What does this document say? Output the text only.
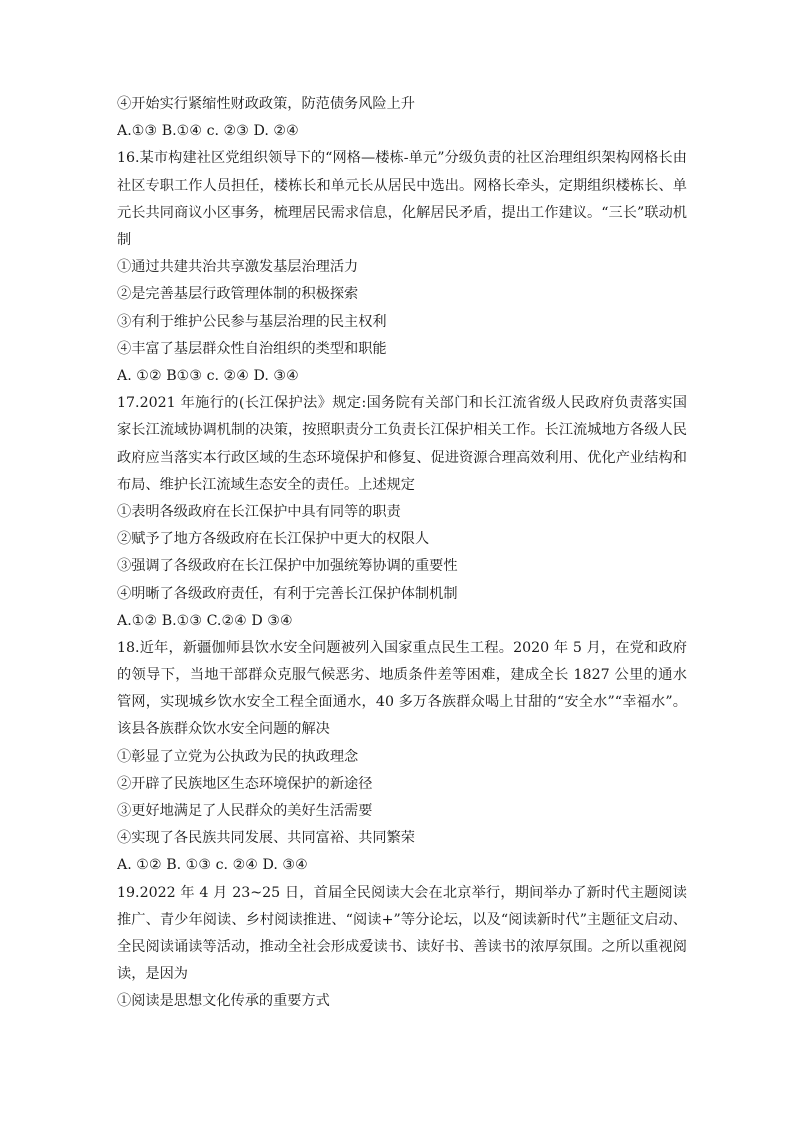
④开始实行紧缩性财政政策，防范债务风险上升
A.①③ B.①④ c. ②③ D. ②④
16.某市构建社区党组织领导下的“网格—楼栋-单元”分级负责的社区治理组织架构网格长由社区专职工作人员担任，楼栋长和单元长从居民中选出。网格长牵头，定期组织楼栋长、单元长共同商议小区事务，梳理居民需求信息，化解居民矛盾，提出工作建议。“三长”联动机制
①通过共建共治共享激发基层治理活力
②是完善基层行政管理体制的积极探索
③有利于维护公民参与基层治理的民主权利
④丰富了基层群众性自治组织的类型和职能
A. ①② B①③ c. ②④ D. ③④
17.2021 年施行的(长江保护法》规定:国务院有关部门和长江流省级人民政府负责落实国家长江流域协调机制的决策，按照职责分工负责长江保护相关工作。长江流城地方各级人民政府应当落实本行政区域的生态环境保护和修复、促进资源合理高效利用、优化产业结构和布局、维护长江流域生态安全的责任。上述规定
①表明各级政府在长江保护中具有同等的职责
②赋予了地方各级政府在长江保护中更大的权限人
③强调了各级政府在长江保护中加强统筹协调的重要性
④明晰了各级政府责任，有利于完善长江保护体制机制
A.①② B.①③ C.②④ D ③④
18.近年，新疆伽师县饮水安全问题被列入国家重点民生工程。2020 年 5 月，在党和政府的领导下，当地干部群众克服气候恶劣、地质条件差等困难，建成全长 1827 公里的通水管网，实现城乡饮水安全工程全面通水，40 多万各族群众喝上甘甜的“安全水”“幸福水”。该县各族群众饮水安全问题的解决
①彰显了立党为公执政为民的执政理念
②开辟了民族地区生态环境保护的新途径
③更好地满足了人民群众的美好生活需要
④实现了各民族共同发展、共同富裕、共同繁荣
A. ①② B. ①③ c. ②④ D. ③④
19.2022 年 4 月 23~25 日，首届全民阅读大会在北京举行，期间举办了新时代主题阅读推广、青少年阅读、乡村阅读推进、“阅读+”等分论坛，以及“阅读新时代”主题征文启动、全民阅读诵读等活动，推动全社会形成爱读书、读好书、善读书的浓厚氛围。之所以重视阅读，是因为
①阅读是思想文化传承的重要方式
